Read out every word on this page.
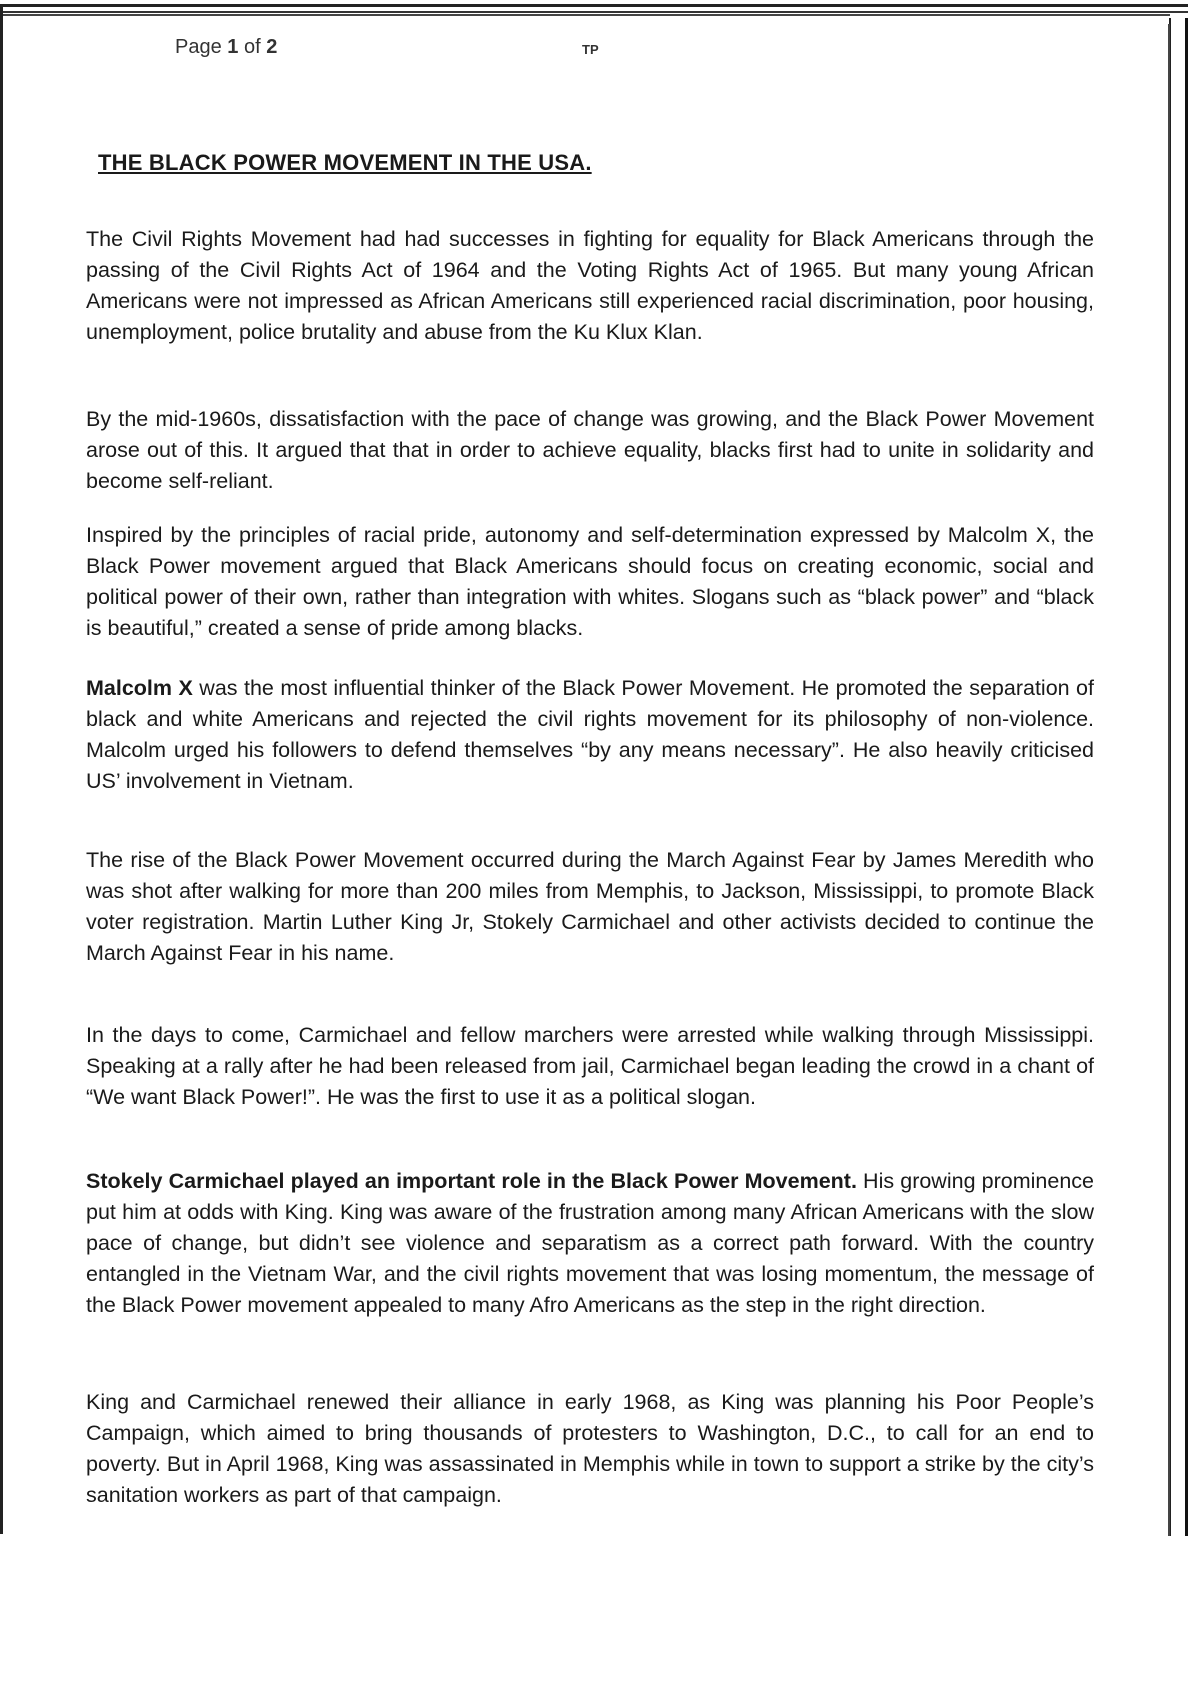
Page 1 of 2	TP
THE BLACK POWER MOVEMENT IN THE USA.

The Civil Rights Movement had had successes in fighting for equality for Black Americans through the passing of the Civil Rights Act of 1964 and the Voting Rights Act of 1965. But many young African Americans were not impressed as African Americans still experienced racial discrimination, poor housing, unemployment, police brutality and abuse from the Ku Klux Klan.

By the mid-1960s, dissatisfaction with the pace of change was growing, and the Black Power Movement arose out of this. It argued that that in order to achieve equality, blacks first had to unite in solidarity and become self-reliant.

Inspired by the principles of racial pride, autonomy and self-determination expressed by Malcolm X, the Black Power movement argued that Black Americans should focus on creating economic, social and political power of their own, rather than integration with whites. Slogans such as “black power” and “black is beautiful,” created a sense of pride among blacks.

Malcolm X was the most influential thinker of the Black Power Movement. He promoted the separation of black and white Americans and rejected the civil rights movement for its philosophy of non-violence. Malcolm urged his followers to defend themselves “by any means necessary”. He also heavily criticised US’ involvement in Vietnam.

The rise of the Black Power Movement occurred during the March Against Fear by James Meredith who was shot after walking for more than 200 miles from Memphis, to Jackson, Mississippi, to promote Black voter registration. Martin Luther King Jr, Stokely Carmichael and other activists decided to continue the March Against Fear in his name.

In the days to come, Carmichael and fellow marchers were arrested while walking through Mississippi. Speaking at a rally after he had been released from jail, Carmichael began leading the crowd in a chant of “We want Black Power!”. He was the first to use it as a political slogan.

Stokely Carmichael played an important role in the Black Power Movement. His growing prominence put him at odds with King. King was aware of the frustration among many African Americans with the slow pace of change, but didn’t see violence and separatism as a correct path forward. With the country entangled in the Vietnam War, and the civil rights movement that was losing momentum, the message of the Black Power movement appealed to many Afro Americans as the step in the right direction.

King and Carmichael renewed their alliance in early 1968, as King was planning his Poor People’s Campaign, which aimed to bring thousands of protesters to Washington, D.C., to call for an end to poverty. But in April 1968, King was assassinated in Memphis while in town to support a strike by the city’s sanitation workers as part of that campaign.
